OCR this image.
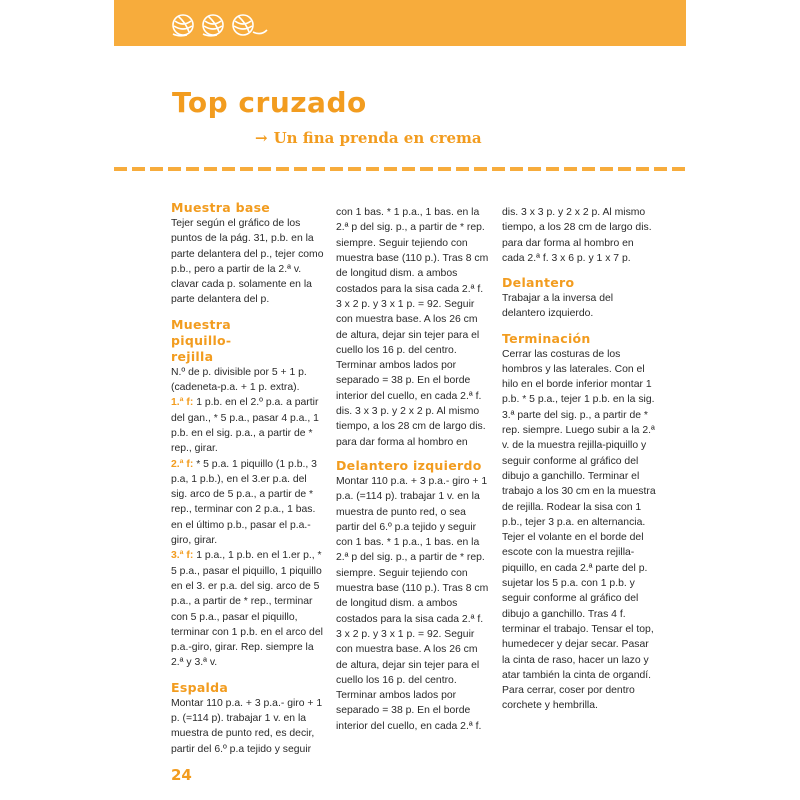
Top cruzado
→ Un fina prenda en crema
Muestra base

Tejer según el gráfico de los puntos de la pág. 31, p.b. en la parte delantera del p., tejer como p.b., pero a partir de la 2.ª v. clavar cada p. solamente en la parte delantera del p.

Muestra piquillo-rejilla

N.º de p. divisible por 5 + 1 p. (cadeneta-p.a. + 1 p. extra).

1.ª f: 1 p.b. en el 2.º p.a. a partir del gan., * 5 p.a., pasar 4 p.a., 1 p.b. en el sig. p.a., a partir de * rep., girar.

2.ª f: * 5 p.a. 1 piquillo (1 p.b., 3 p.a, 1 p.b.), en el 3.er p.a. del sig. arco de 5 p.a., a partir de * rep., terminar con 2 p.a., 1 bas. en el último p.b., pasar el p.a.-giro, girar.

3.ª f: 1 p.a., 1 p.b. en el 1.er p., * 5 p.a., pasar el piquillo, 1 piquillo en el 3. er p.a. del sig. arco de 5 p.a., a partir de * rep., terminar con 5 p.a., pasar el piquillo, terminar con 1 p.b. en el arco del p.a.-giro, girar. Rep. siempre la 2.ª y 3.ª v.

Espalda

Montar 110 p.a. + 3 p.a.- giro + 1 p. (=114 p). trabajar 1 v. en la muestra de punto red, es decir, partir del 6.º p.a tejido y seguir

con 1 bas. * 1 p.a., 1 bas. en la 2.ª p del sig. p., a partir de * rep. siempre. Seguir tejiendo con muestra base (110 p.). Tras 8 cm de longitud dism. a ambos costados para la sisa cada 2.ª f. 3 x 2 p. y 3 x 1 p. = 92. Seguir con muestra base. A los 26 cm de altura, dejar sin tejer para el cuello los 16 p. del centro. Terminar ambos lados por separado = 38 p. En el borde interior del cuello, en cada 2.ª f. dis. 3 x 3 p. y 2 x 2 p. Al mismo tiempo, a los 28 cm de largo dis. para dar forma al hombro en

Delantero izquierdo

Montar 110 p.a. + 3 p.a.- giro + 1 p.a. (=114 p). trabajar 1 v. en la muestra de punto red, o sea partir del 6.º p.a tejido y seguir con 1 bas. * 1 p.a., 1 bas. en la 2.ª p del sig. p., a partir de * rep. siempre. Seguir tejiendo con muestra base (110 p.). Tras 8 cm de longitud dism. a ambos costados para la sisa cada 2.ª f. 3 x 2 p. y 3 x 1 p. = 92. Seguir con muestra base. A los 26 cm de altura, dejar sin tejer para el cuello los 16 p. del centro. Terminar ambos lados por separado = 38 p. En el borde interior del cuello, en cada 2.ª f.

dis. 3 x 3 p. y 2 x 2 p. Al mismo tiempo, a los 28 cm de largo dis. para dar forma al hombro en cada 2.ª f. 3 x 6 p. y 1 x 7 p.

Delantero

Trabajar a la inversa del delantero izquierdo.

Terminación

Cerrar las costuras de los hombros y las laterales. Con el hilo en el borde inferior montar 1 p.b. * 5 p.a., tejer 1 p.b. en la sig. 3.ª parte del sig. p., a partir de * rep. siempre. Luego subir a la 2.ª v. de la muestra rejilla-piquillo y seguir conforme al gráfico del dibujo a ganchillo. Terminar el trabajo a los 30 cm en la muestra de rejilla. Rodear la sisa con 1 p.b., tejer 3 p.a. en alternancia. Tejer el volante en el borde del escote con la muestra rejilla-piquillo, en cada 2.ª parte del p. sujetar los 5 p.a. con 1 p.b. y seguir conforme al gráfico del dibujo a ganchillo. Tras 4 f. terminar el trabajo. Tensar el top, humedecer y dejar secar. Pasar la cinta de raso, hacer un lazo y atar también la cinta de organdí. Para cerrar, coser por dentro corchete y hembrilla.

24
